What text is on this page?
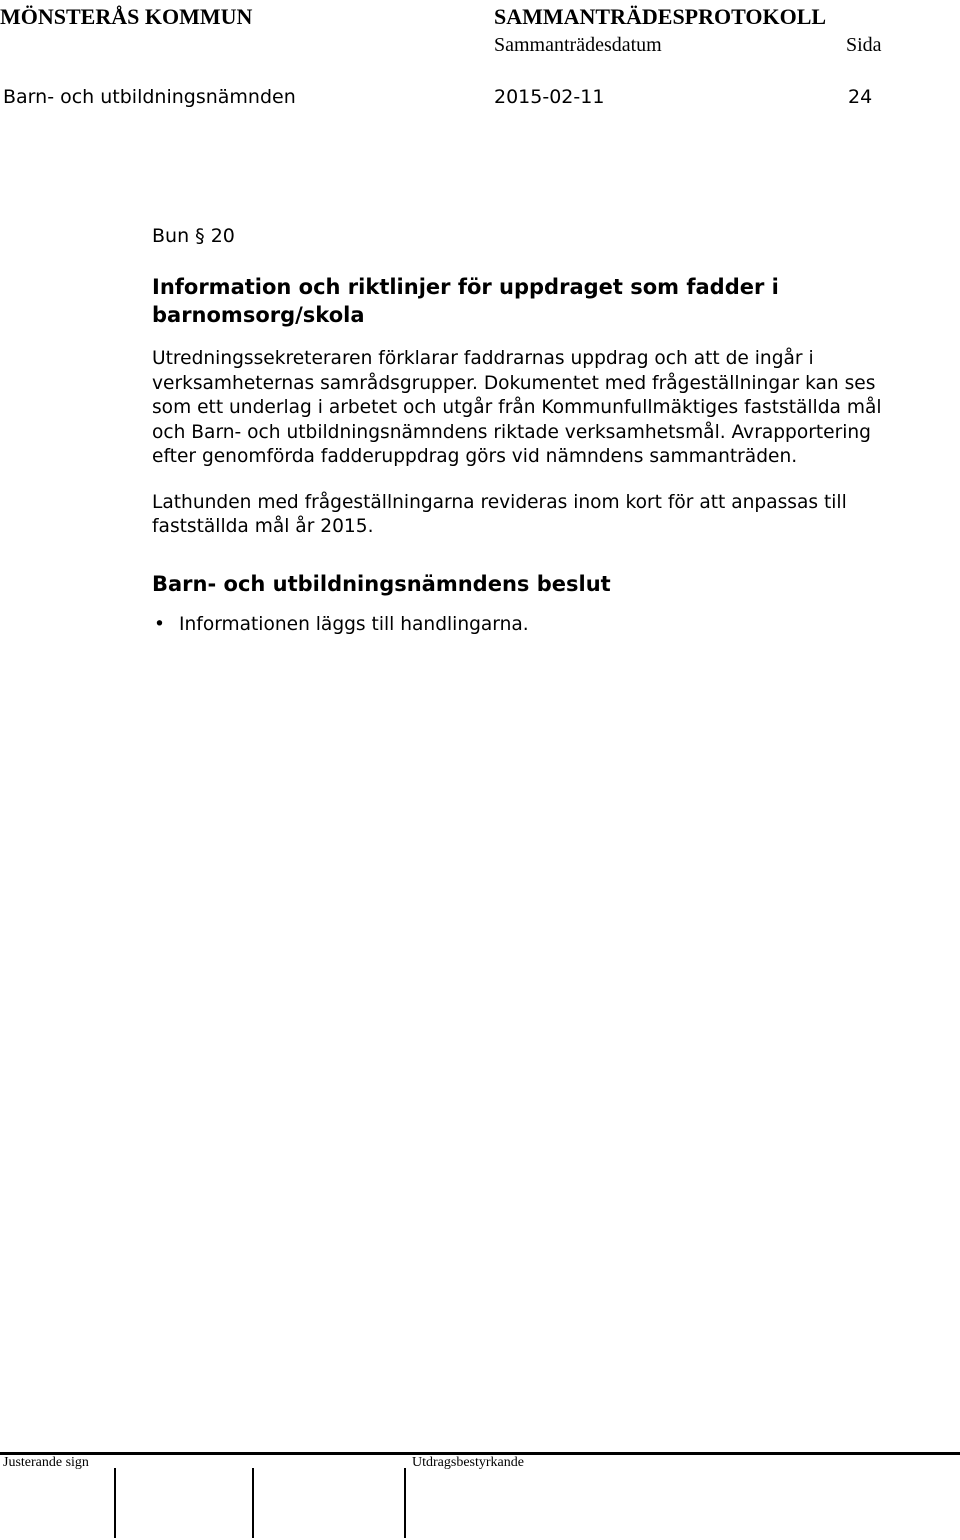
MÖNSTERÅS KOMMUN	SAMMANTRÄDESPROTOKOLL
Sammanträdesdatum	Sida
Barn- och utbildningsnämnden	2015-02-11	24

Bun § 20

Information och riktlinjer för uppdraget som fadder i barnomsorg/skola

Utredningssekreteraren förklarar faddrarnas uppdrag och att de ingår i verksamheternas samrådsgrupper. Dokumentet med frågeställningar kan ses som ett underlag i arbetet och utgår från Kommunfullmäktiges fastställda mål och Barn- och utbildningsnämndens riktade verksamhetsmål. Avrapportering efter genomförda fadderuppdrag görs vid nämndens sammanträden.

Lathunden med frågeställningarna revideras inom kort för att anpassas till fastställda mål år 2015.

Barn- och utbildningsnämndens beslut
• Informationen läggs till handlingarna.
Justerande sign	Utdragsbestyrkande
